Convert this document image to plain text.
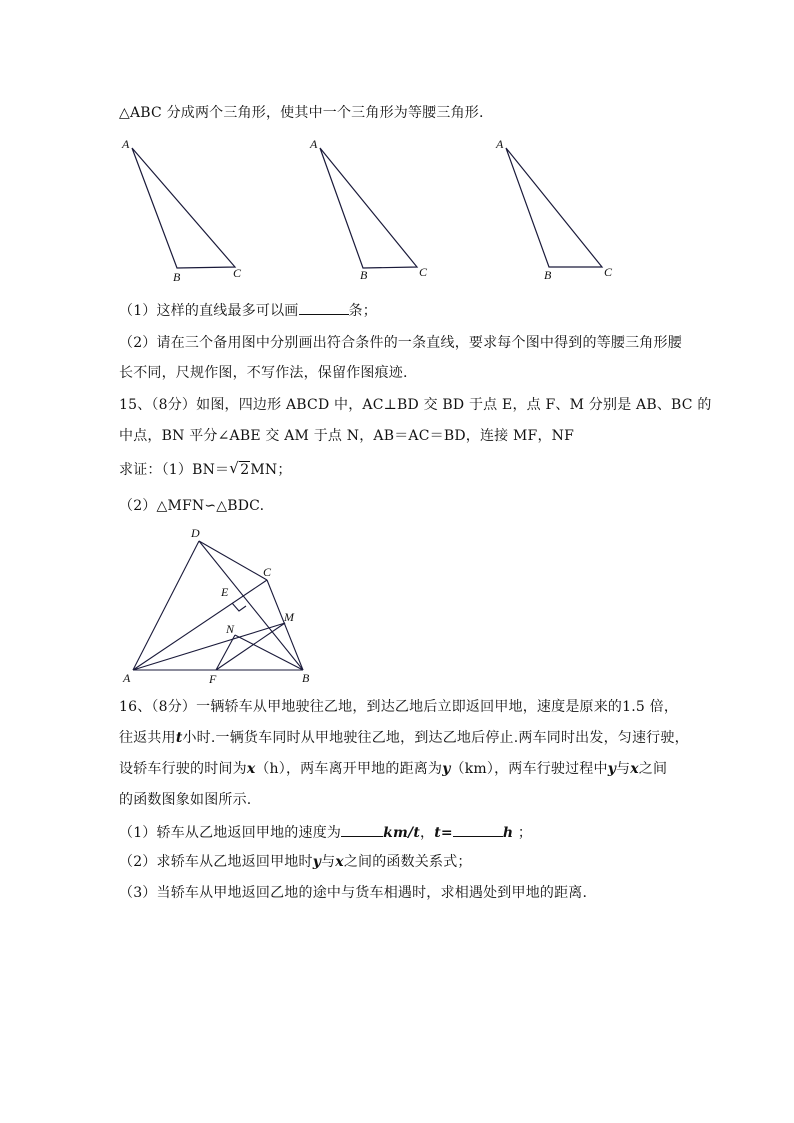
△ABC 分成两个三角形，使其中一个三角形为等腰三角形.
A
B	C
A
B	C
A
B	C
（1）这样的直线最多可以画	条；
（2）请在三个备用图中分别画出符合条件的一条直线，要求每个图中得到的等腰三角形腰
长不同，尺规作图，不写作法，保留作图痕迹.
15、（8分）如图，四边形 ABCD 中，AC⊥BD 交 BD 于点 E，点 F、M 分别是 AB、BC 的
中点，BN 平分∠ABE 交 AM 于点 N，AB＝AC＝BD，连接 MF，NF
求证：（1）BN＝ √ 2MN；
（2）△MFN∽△BDC.
D
C
E
M
N
A	F	B
16、（8分）一辆轿车从甲地驶往乙地，到达乙地后立即返回甲地，速度是原来的1.5 倍，
往返共用t小时.一辆货车同时从甲地驶往乙地，到达乙地后停止.两车同时出发，匀速行驶，
设轿车行驶的时间为x（h），两车离开甲地的距离为y（km），两车行驶过程中y与x之间
的函数图象如图所示.
（1）轿车从乙地返回甲地的速度为	km/t，t=	h ；
（2）求轿车从乙地返回甲地时y与x之间的函数关系式；
（3）当轿车从甲地返回乙地的途中与货车相遇时，求相遇处到甲地的距离.
